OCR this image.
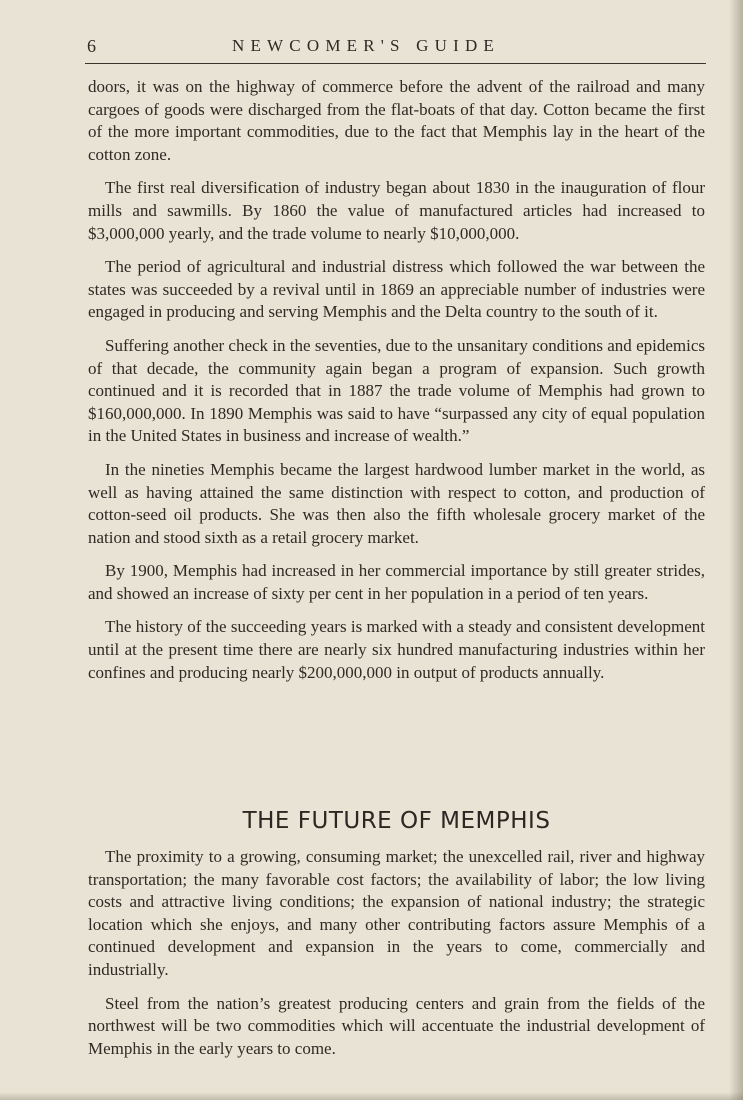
6	NEWCOMER'S GUIDE

doors, it was on the highway of commerce before the advent of the railroad and many cargoes of goods were discharged from the flat-boats of that day. Cotton became the first of the more important commodities, due to the fact that Memphis lay in the heart of the cotton zone.

The first real diversification of industry began about 1830 in the inauguration of flour mills and sawmills. By 1860 the value of manufactured articles had increased to $3,000,000 yearly, and the trade volume to nearly $10,000,000.

The period of agricultural and industrial distress which followed the war between the states was succeeded by a revival until in 1869 an appreciable number of industries were engaged in producing and serving Memphis and the Delta country to the south of it.

Suffering another check in the seventies, due to the unsanitary conditions and epidemics of that decade, the community again began a program of expansion. Such growth continued and it is recorded that in 1887 the trade volume of Memphis had grown to $160,000,000. In 1890 Memphis was said to have “surpassed any city of equal population in the United States in business and increase of wealth.”

In the nineties Memphis became the largest hardwood lumber market in the world, as well as having attained the same distinction with respect to cotton, and production of cotton-seed oil products. She was then also the fifth wholesale grocery market of the nation and stood sixth as a retail grocery market.

By 1900, Memphis had increased in her commercial importance by still greater strides, and showed an increase of sixty per cent in her population in a period of ten years.

The history of the succeeding years is marked with a steady and consistent development until at the present time there are nearly six hundred manufacturing industries within her confines and producing nearly $200,000,000 in output of products annually.

THE FUTURE OF MEMPHIS

The proximity to a growing, consuming market; the unexcelled rail, river and highway transportation; the many favorable cost factors; the availability of labor; the low living costs and attractive living conditions; the expansion of national industry; the strategic location which she enjoys, and many other contributing factors assure Memphis of a continued development and expansion in the years to come, commercially and industrially.

Steel from the nation’s greatest producing centers and grain from the fields of the northwest will be two commodities which will accentuate the industrial development of Memphis in the early years to come.
